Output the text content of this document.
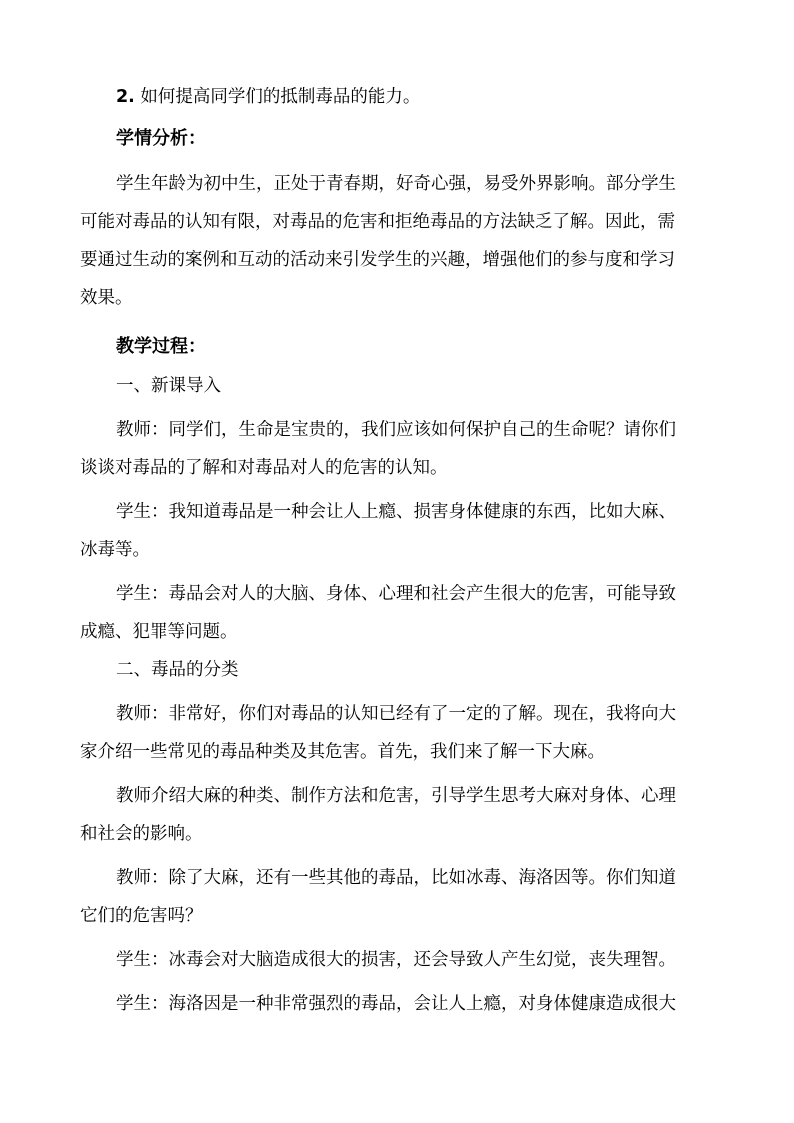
2. 如何提高同学们的抵制毒品的能力。
学情分析：
学生年龄为初中生，正处于青春期，好奇心强，易受外界影响。部分学生
可能对毒品的认知有限，对毒品的危害和拒绝毒品的方法缺乏了解。因此，需
要通过生动的案例和互动的活动来引发学生的兴趣，增强他们的参与度和学习
效果。
教学过程：
一、新课导入
教师：同学们，生命是宝贵的，我们应该如何保护自己的生命呢？请你们
谈谈对毒品的了解和对毒品对人的危害的认知。
学生：我知道毒品是一种会让人上瘾、损害身体健康的东西，比如大麻、
冰毒等。
学生：毒品会对人的大脑、身体、心理和社会产生很大的危害，可能导致
成瘾、犯罪等问题。
二、毒品的分类
教师：非常好，你们对毒品的认知已经有了一定的了解。现在，我将向大
家介绍一些常见的毒品种类及其危害。首先，我们来了解一下大麻。
教师介绍大麻的种类、制作方法和危害，引导学生思考大麻对身体、心理
和社会的影响。
教师：除了大麻，还有一些其他的毒品，比如冰毒、海洛因等。你们知道
它们的危害吗？
学生：冰毒会对大脑造成很大的损害，还会导致人产生幻觉，丧失理智。
学生：海洛因是一种非常强烈的毒品，会让人上瘾，对身体健康造成很大
